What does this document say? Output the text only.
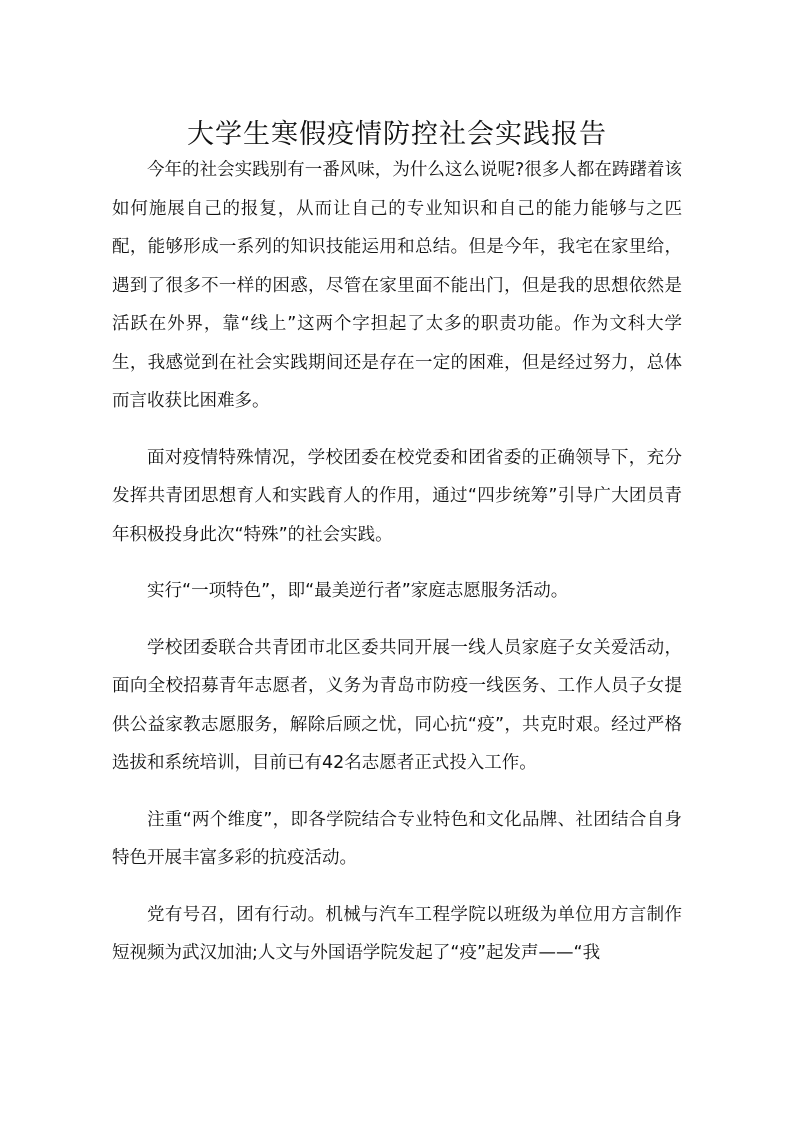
大学生寒假疫情防控社会实践报告

今年的社会实践别有一番风味，为什么这么说呢?很多人都在踌躇着该如何施展自己的报复，从而让自己的专业知识和自己的能力能够与之匹配，能够形成一系列的知识技能运用和总结。但是今年，我宅在家里给，遇到了很多不一样的困惑，尽管在家里面不能出门，但是我的思想依然是活跃在外界，靠“线上”这两个字担起了太多的职责功能。作为文科大学生，我感觉到在社会实践期间还是存在一定的困难，但是经过努力，总体而言收获比困难多。

面对疫情特殊情况，学校团委在校党委和团省委的正确领导下，充分发挥共青团思想育人和实践育人的作用，通过“四步统筹”引导广大团员青年积极投身此次“特殊”的社会实践。

实行“一项特色”，即“最美逆行者”家庭志愿服务活动。

学校团委联合共青团市北区委共同开展一线人员家庭子女关爱活动，面向全校招募青年志愿者，义务为青岛市防疫一线医务、工作人员子女提供公益家教志愿服务，解除后顾之忧，同心抗“疫”，共克时艰。经过严格选拔和系统培训，目前已有42名志愿者正式投入工作。

注重“两个维度”，即各学院结合专业特色和文化品牌、社团结合自身特色开展丰富多彩的抗疫活动。

党有号召，团有行动。机械与汽车工程学院以班级为单位用方言制作短视频为武汉加油;人文与外国语学院发起了“疫”起发声——“我
